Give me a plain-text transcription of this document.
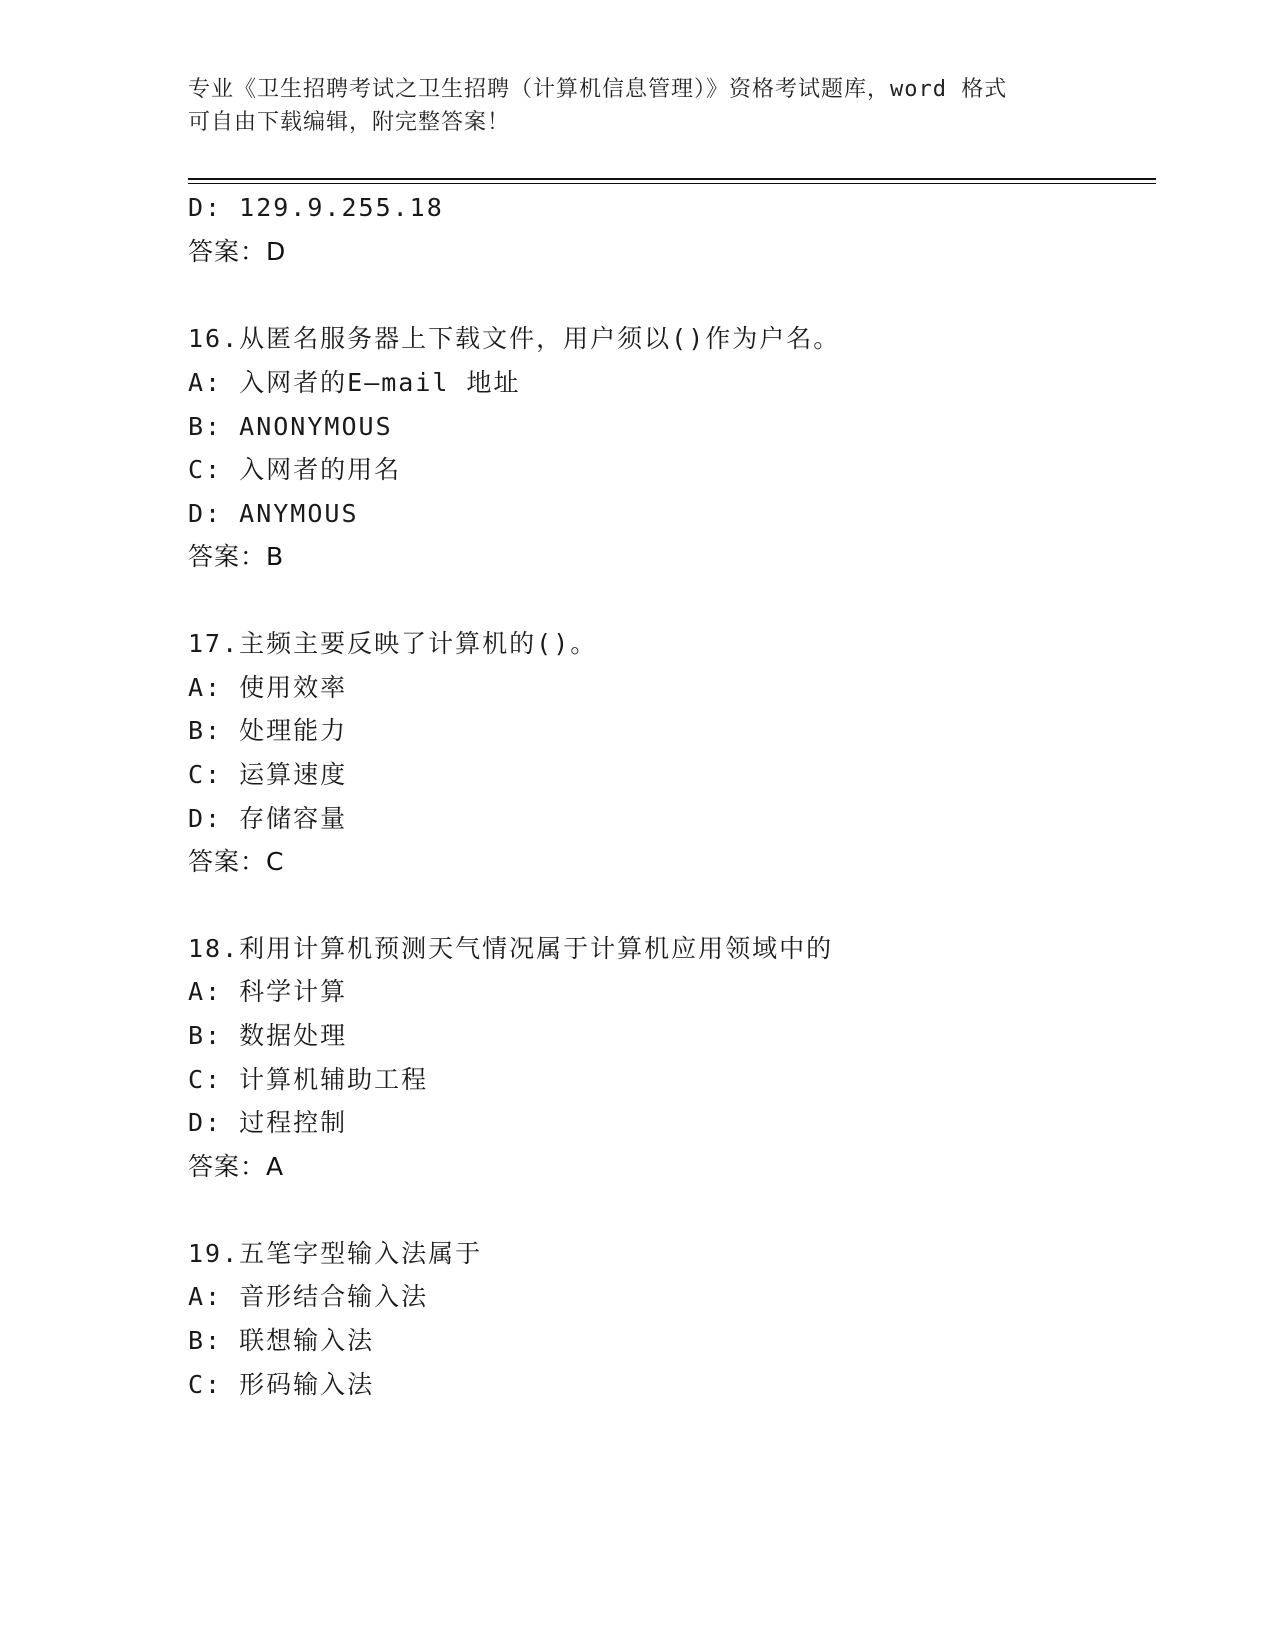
专业《卫生招聘考试之卫生招聘（计算机信息管理）》资格考试题库，word 格式
可自由下载编辑，附完整答案！
D: 129.9.255.18
答案：D
16.从匿名服务器上下载文件，用户须以()作为户名。
A: 入网者的E—mail 地址
B: ANONYMOUS
C: 入网者的用名
D: ANYMOUS
答案：B
17.主频主要反映了计算机的()。
A: 使用效率
B: 处理能力
C: 运算速度
D: 存储容量
答案：C
18.利用计算机预测天气情况属于计算机应用领域中的
A: 科学计算
B: 数据处理
C: 计算机辅助工程
D: 过程控制
答案：A
19.五笔字型输入法属于
A: 音形结合输入法
B: 联想输入法
C: 形码输入法
